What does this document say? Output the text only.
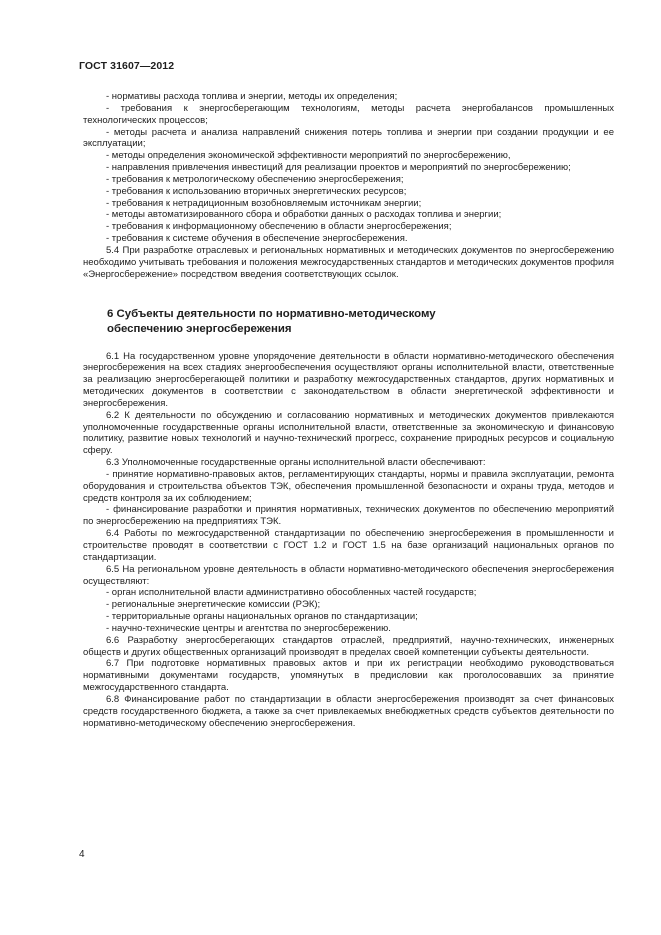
ГОСТ 31607—2012

- нормативы расхода топлива и энергии, методы их определения;

- требования к энергосберегающим технологиям, методы расчета энергобалансов промышленных технологических процессов;

- методы расчета и анализа направлений снижения потерь топлива и энергии при создании продукции и ее эксплуатации;

- методы определения экономической эффективности мероприятий по энергосбережению,

- направления привлечения инвестиций для реализации проектов и мероприятий по энергосбережению;

- требования к метрологическому обеспечению энергосбережения;

- требования к использованию вторичных энергетических ресурсов;

- требования к нетрадиционным возобновляемым источникам энергии;

- методы автоматизированного сбора и обработки данных о расходах топлива и энергии;

- требования к информационному обеспечению в области энергосбережения;

- требования к системе обучения в обеспечение энергосбережения.

5.4 При разработке отраслевых и региональных нормативных и методических документов по энергосбережению необходимо учитывать требования и положения межгосударственных стандартов и методических документов профиля «Энергосбережение» посредством введения соответствующих ссылок.

6 Субъекты деятельности по нормативно-методическому
обеспечению энергосбережения

6.1 На государственном уровне упорядочение деятельности в области нормативно-методического обеспечения энергосбережения на всех стадиях энергообеспечения осуществляют органы исполнительной власти, ответственные за реализацию энергосберегающей политики и разработку межгосударственных стандартов, других нормативных и методических документов в соответствии с законодательством в области энергетической эффективности и энергосбережения.

6.2 К деятельности по обсуждению и согласованию нормативных и методических документов привлекаются уполномоченные государственные органы исполнительной власти, ответственные за экономическую и финансовую политику, развитие новых технологий и научно-технический прогресс, сохранение природных ресурсов и социальную сферу.

6.3 Уполномоченные государственные органы исполнительной власти обеспечивают:

- принятие нормативно-правовых актов, регламентирующих стандарты, нормы и правила эксплуатации, ремонта оборудования и строительства объектов ТЭК, обеспечения промышленной безопасности и охраны труда, методов и средств контроля за их соблюдением;

- финансирование разработки и принятия нормативных, технических документов по обеспечению мероприятий по энергосбережению на предприятиях ТЭК.

6.4 Работы по межгосударственной стандартизации по обеспечению энергосбережения в промышленности и строительстве проводят в соответствии с ГОСТ 1.2 и ГОСТ 1.5 на базе организаций национальных органов по стандартизации.

6.5 На региональном уровне деятельность в области нормативно-методического обеспечения энергосбережения осуществляют:

- орган исполнительной власти административно обособленных частей государств;

- региональные энергетические комиссии (РЭК);

- территориальные органы национальных органов по стандартизации;

- научно-технические центры и агентства по энергосбережению.

6.6 Разработку энергосберегающих стандартов отраслей, предприятий, научно-технических, инженерных обществ и других общественных организаций производят в пределах своей компетенции субъекты деятельности.

6.7 При подготовке нормативных правовых актов и при их регистрации необходимо руководствоваться нормативными документами государств, упомянутых в предисловии как проголосовавших за принятие межгосударственного стандарта.

6.8 Финансирование работ по стандартизации в области энергосбережения производят за счет финансовых средств государственного бюджета, а также за счет привлекаемых внебюджетных средств субъектов деятельности по нормативно-методическому обеспечению энергосбережения.

4
